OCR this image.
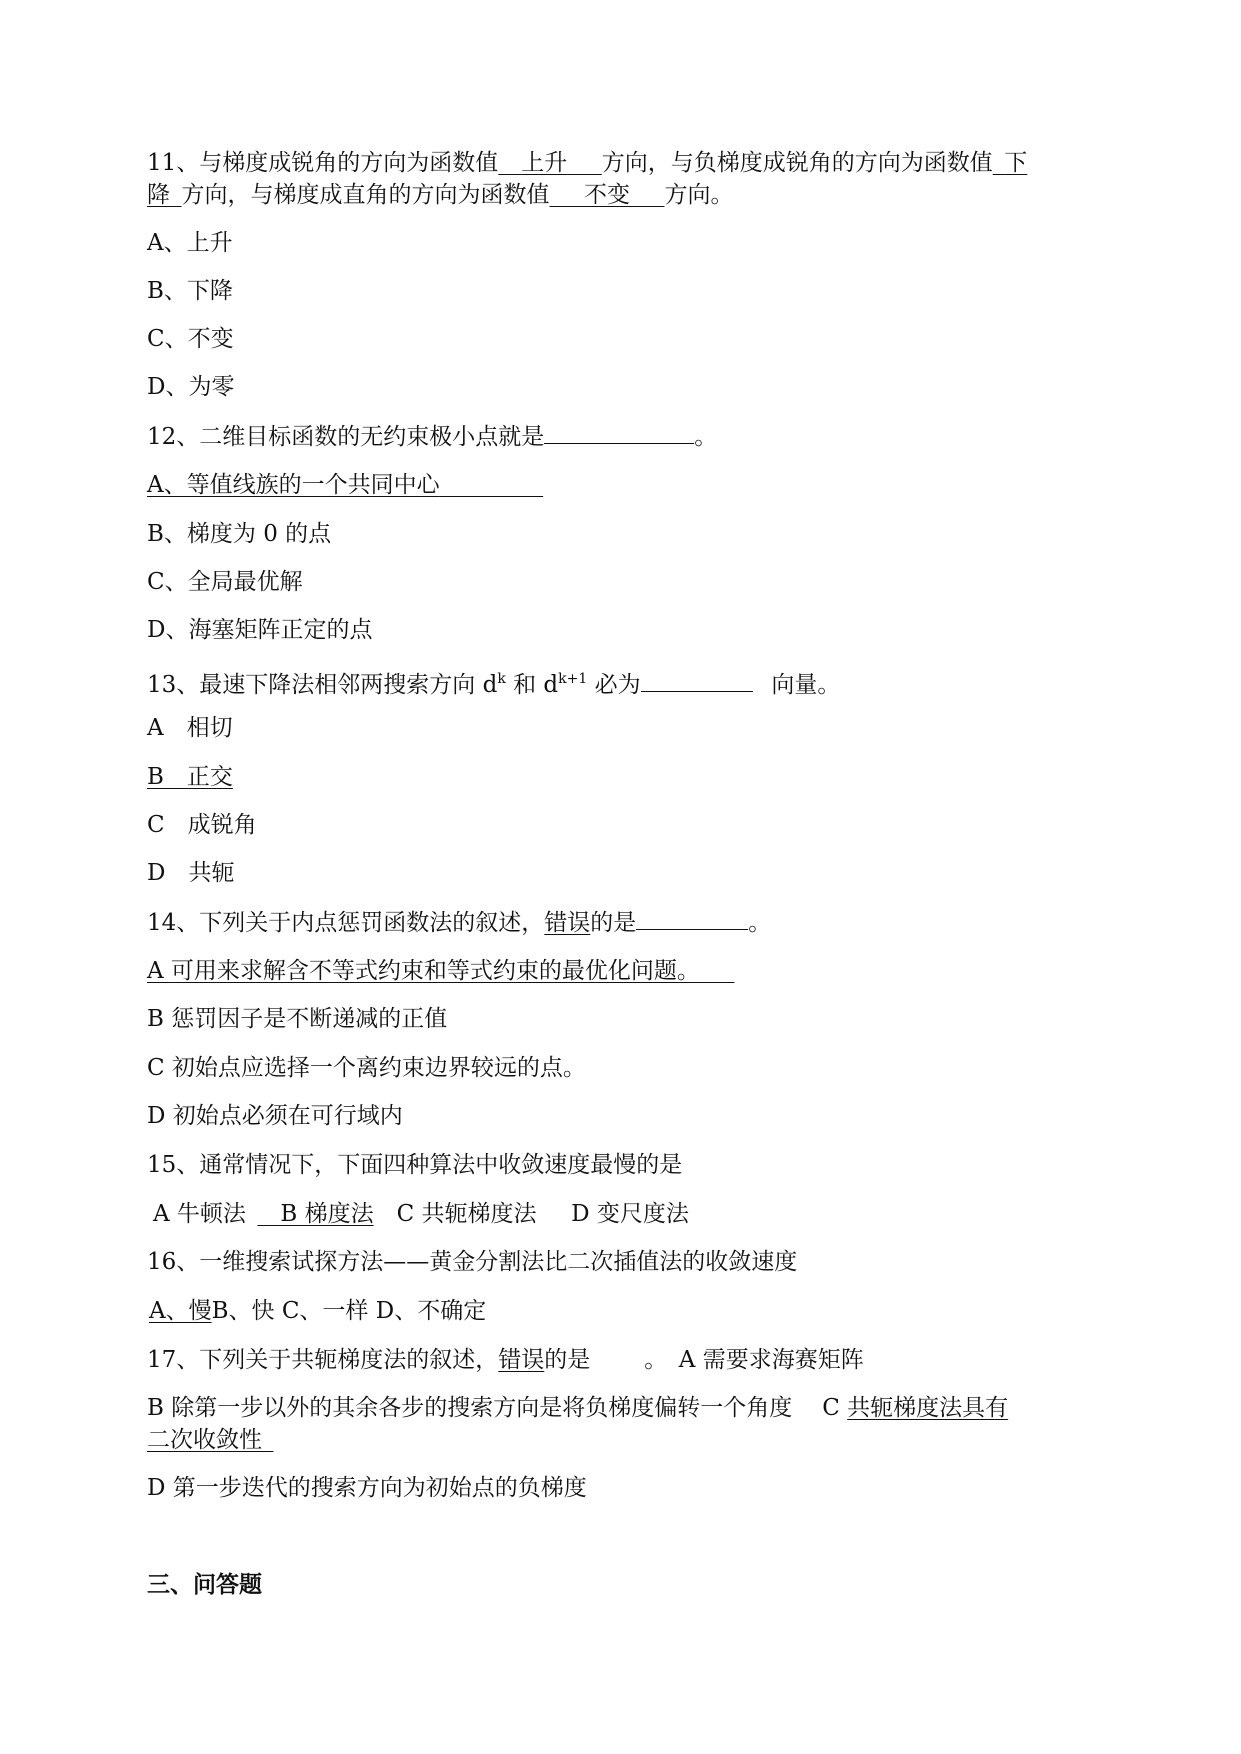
11、与梯度成锐角的方向为函数值   上升    方向，与负梯度成锐角的方向为函数值  下
降  方向，与梯度成直角的方向为函数值    不变    方向。
A、上升
B、下降
C、不变
D、为零
12、二维目标函数的无约束极小点就是	。
A、等值线族的一个共同中心         
B、梯度为 0 的点
C、全局最优解
D、海塞矩阵正定的点
13、最速下降法相邻两搜索方向 $d^k$ 和 $d^{k+1}$ 必为 	向量。
A　相切
B　正交
C　成锐角
D　共轭
14、下列关于内点惩罚函数法的叙述，错误的是	。
A 可用来求解含不等式约束和等式约束的最优化问题。   
B 惩罚因子是不断递减的正值
C 初始点应选择一个离约束边界较远的点。
D 初始点必须在可行域内
15、通常情况下，下面四种算法中收敛速度最慢的是
A 牛顿法    B 梯度法   C 共轭梯度法    D 变尺度法
16、一维搜索试探方法——黄金分割法比二次插值法的收敛速度
A、慢B、快 C、一样 D、不确定
17、下列关于共轭梯度法的叙述，错误的是 。  A 需要求海赛矩阵
B 除第一步以外的其余各步的搜索方向是将负梯度偏转一个角度 C 共轭梯度法具有
二次收敛性 
D 第一步迭代的搜索方向为初始点的负梯度
三、问答题
